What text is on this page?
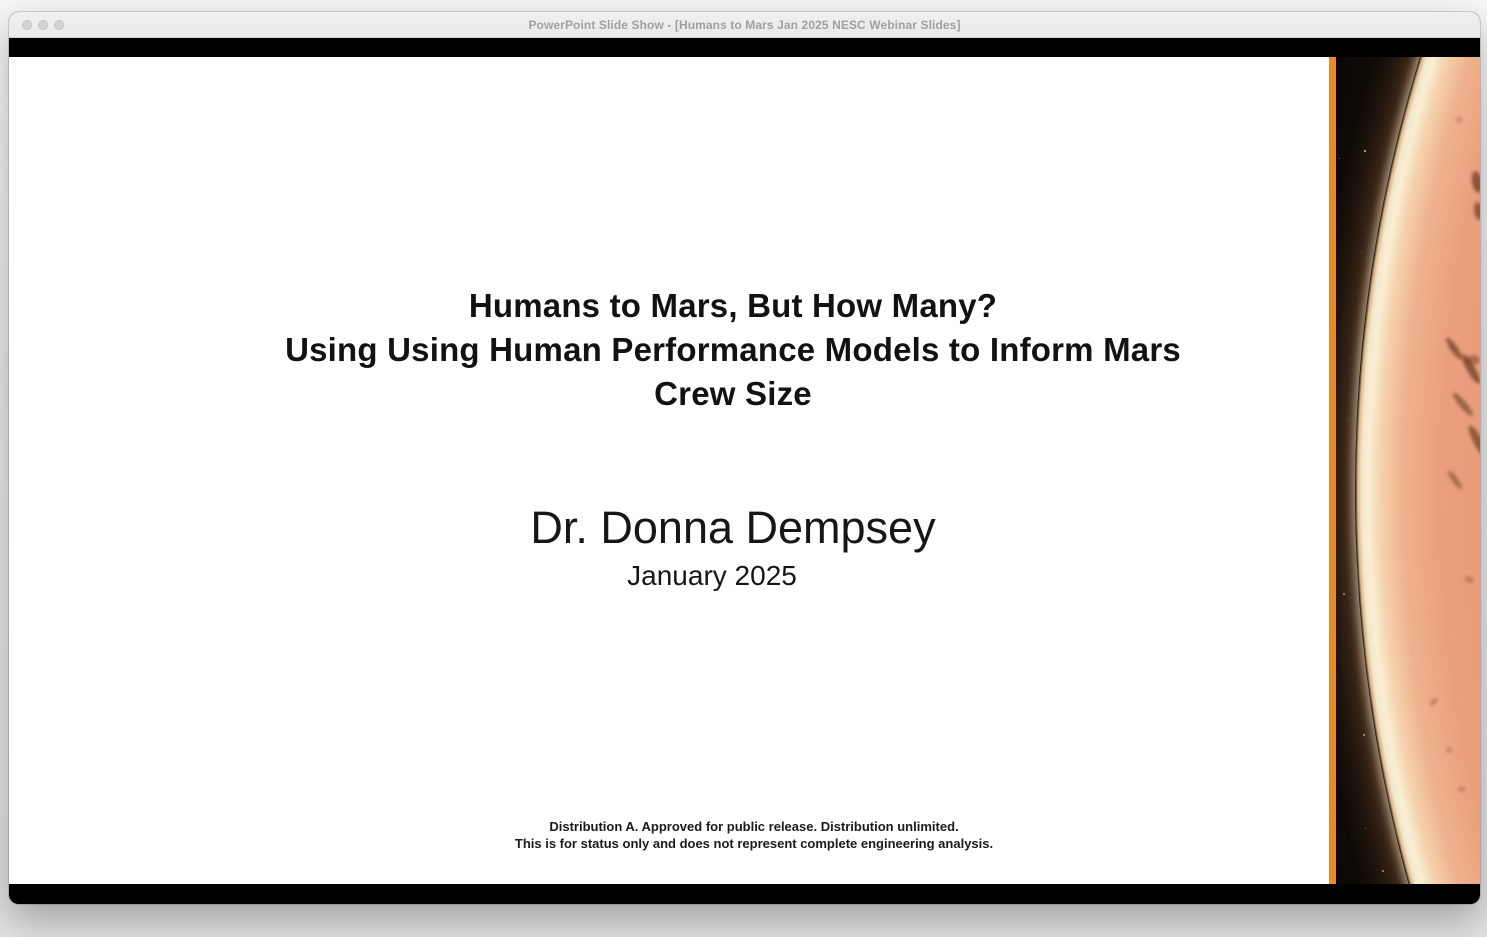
PowerPoint Slide Show - [Humans to Mars Jan 2025 NESC Webinar Slides]
Humans to Mars, But How Many?
Using Using Human Performance Models to Inform Mars
Crew Size
Dr. Donna Dempsey
January 2025
Distribution A. Approved for public release. Distribution unlimited.
This is for status only and does not represent complete engineering analysis.
